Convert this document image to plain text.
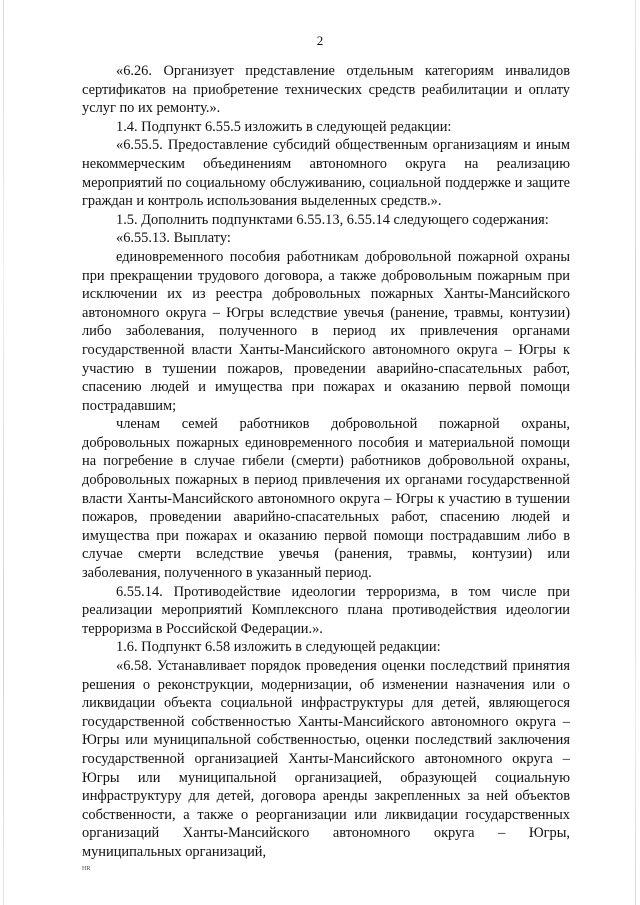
2

«6.26. Организует представление отдельным категориям инвалидов сертификатов на приобретение технических средств реабилитации и оплату услуг по их ремонту.».

1.4. Подпункт 6.55.5 изложить в следующей редакции:

«6.55.5. Предоставление субсидий общественным организациям и иным некоммерческим объединениям автономного округа на реализацию мероприятий по социальному обслуживанию, социальной поддержке и защите граждан и контроль использования выделенных средств.».

1.5. Дополнить подпунктами 6.55.13, 6.55.14 следующего содержания:

«6.55.13. Выплату:

единовременного пособия работникам добровольной пожарной охраны при прекращении трудового договора, а также добровольным пожарным при исключении их из реестра добровольных пожарных Ханты-Мансийского автономного округа – Югры вследствие увечья (ранение, травмы, контузии) либо заболевания, полученного в период их привлечения органами государственной власти Ханты-Мансийского автономного округа – Югры к участию в тушении пожаров, проведении аварийно-спасательных работ, спасению людей и имущества при пожарах и оказанию первой помощи пострадавшим;

членам семей работников добровольной пожарной охраны, добровольных пожарных единовременного пособия и материальной помощи на погребение в случае гибели (смерти) работников добровольной охраны, добровольных пожарных в период привлечения их органами государственной власти Ханты-Мансийского автономного округа – Югры к участию в тушении пожаров, проведении аварийно-спасательных работ, спасению людей и имущества при пожарах и оказанию первой помощи пострадавшим либо в случае смерти вследствие увечья (ранения, травмы, контузии) или заболевания, полученного в указанный период.

6.55.14. Противодействие идеологии терроризма, в том числе при реализации мероприятий Комплексного плана противодействия идеологии терроризма в Российской Федерации.».

1.6. Подпункт 6.58 изложить в следующей редакции:

«6.58. Устанавливает порядок проведения оценки последствий принятия решения о реконструкции, модернизации, об изменении назначения или о ликвидации объекта социальной инфраструктуры для детей, являющегося государственной собственностью Ханты-Мансийского автономного округа – Югры или муниципальной собственностью, оценки последствий заключения государственной организацией Ханты-Мансийского автономного округа – Югры или муниципальной организацией, образующей социальную инфраструктуру для детей, договора аренды закрепленных за ней объектов собственности, а также о реорганизации или ликвидации государственных организаций Ханты-Мансийского автономного округа – Югры, муниципальных организаций,

HR
